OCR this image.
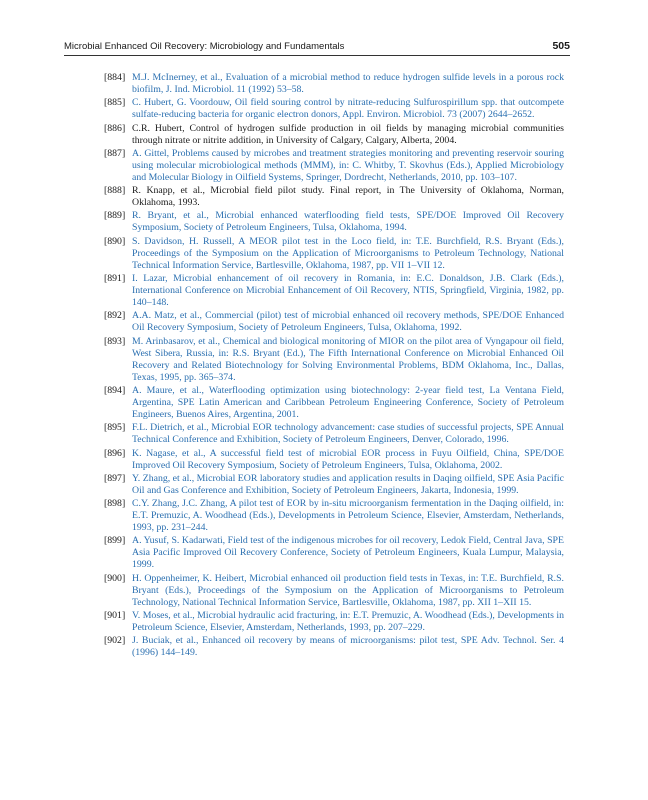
Microbial Enhanced Oil Recovery: Microbiology and Fundamentals	505
[884] M.J. McInerney, et al., Evaluation of a microbial method to reduce hydrogen sulfide levels in a porous rock biofilm, J. Ind. Microbiol. 11 (1992) 53–58.
[885] C. Hubert, G. Voordouw, Oil field souring control by nitrate-reducing Sulfurospirillum spp. that outcompete sulfate-reducing bacteria for organic electron donors, Appl. Environ. Microbiol. 73 (2007) 2644–2652.
[886] C.R. Hubert, Control of hydrogen sulfide production in oil fields by managing microbial communities through nitrate or nitrite addition, in University of Calgary, Calgary, Alberta, 2004.
[887] A. Gittel, Problems caused by microbes and treatment strategies monitoring and preventing reservoir souring using molecular microbiological methods (MMM), in: C. Whitby, T. Skovhus (Eds.), Applied Microbiology and Molecular Biology in Oilfield Systems, Springer, Dordrecht, Netherlands, 2010, pp. 103–107.
[888] R. Knapp, et al., Microbial field pilot study. Final report, in The University of Oklahoma, Norman, Oklahoma, 1993.
[889] R. Bryant, et al., Microbial enhanced waterflooding field tests, SPE/DOE Improved Oil Recovery Symposium, Society of Petroleum Engineers, Tulsa, Oklahoma, 1994.
[890] S. Davidson, H. Russell, A MEOR pilot test in the Loco field, in: T.E. Burchfield, R.S. Bryant (Eds.), Proceedings of the Symposium on the Application of Microorganisms to Petroleum Technology, National Technical Information Service, Bartlesville, Oklahoma, 1987, pp. VII 1–VII 12.
[891] I. Lazar, Microbial enhancement of oil recovery in Romania, in: E.C. Donaldson, J.B. Clark (Eds.), International Conference on Microbial Enhancement of Oil Recovery, NTIS, Springfield, Virginia, 1982, pp. 140–148.
[892] A.A. Matz, et al., Commercial (pilot) test of microbial enhanced oil recovery methods, SPE/DOE Enhanced Oil Recovery Symposium, Society of Petroleum Engineers, Tulsa, Oklahoma, 1992.
[893] M. Arinbasarov, et al., Chemical and biological monitoring of MIOR on the pilot area of Vyngapour oil field, West Sibera, Russia, in: R.S. Bryant (Ed.), The Fifth International Conference on Microbial Enhanced Oil Recovery and Related Biotechnology for Solving Environmental Problems, BDM Oklahoma, Inc., Dallas, Texas, 1995, pp. 365–374.
[894] A. Maure, et al., Waterflooding optimization using biotechnology: 2-year field test, La Ventana Field, Argentina, SPE Latin American and Caribbean Petroleum Engineering Conference, Society of Petroleum Engineers, Buenos Aires, Argentina, 2001.
[895] F.L. Dietrich, et al., Microbial EOR technology advancement: case studies of successful projects, SPE Annual Technical Conference and Exhibition, Society of Petroleum Engineers, Denver, Colorado, 1996.
[896] K. Nagase, et al., A successful field test of microbial EOR process in Fuyu Oilfield, China, SPE/DOE Improved Oil Recovery Symposium, Society of Petroleum Engineers, Tulsa, Oklahoma, 2002.
[897] Y. Zhang, et al., Microbial EOR laboratory studies and application results in Daqing oilfield, SPE Asia Pacific Oil and Gas Conference and Exhibition, Society of Petroleum Engineers, Jakarta, Indonesia, 1999.
[898] C.Y. Zhang, J.C. Zhang, A pilot test of EOR by in-situ microorganism fermentation in the Daqing oilfield, in: E.T. Premuzic, A. Woodhead (Eds.), Developments in Petroleum Science, Elsevier, Amsterdam, Netherlands, 1993, pp. 231–244.
[899] A. Yusuf, S. Kadarwati, Field test of the indigenous microbes for oil recovery, Ledok Field, Central Java, SPE Asia Pacific Improved Oil Recovery Conference, Society of Petroleum Engineers, Kuala Lumpur, Malaysia, 1999.
[900] H. Oppenheimer, K. Heibert, Microbial enhanced oil production field tests in Texas, in: T.E. Burchfield, R.S. Bryant (Eds.), Proceedings of the Symposium on the Application of Microorganisms to Petroleum Technology, National Technical Information Service, Bartlesville, Oklahoma, 1987, pp. XII 1–XII 15.
[901] V. Moses, et al., Microbial hydraulic acid fracturing, in: E.T. Premuzic, A. Woodhead (Eds.), Developments in Petroleum Science, Elsevier, Amsterdam, Netherlands, 1993, pp. 207–229.
[902] J. Buciak, et al., Enhanced oil recovery by means of microorganisms: pilot test, SPE Adv. Technol. Ser. 4 (1996) 144–149.
